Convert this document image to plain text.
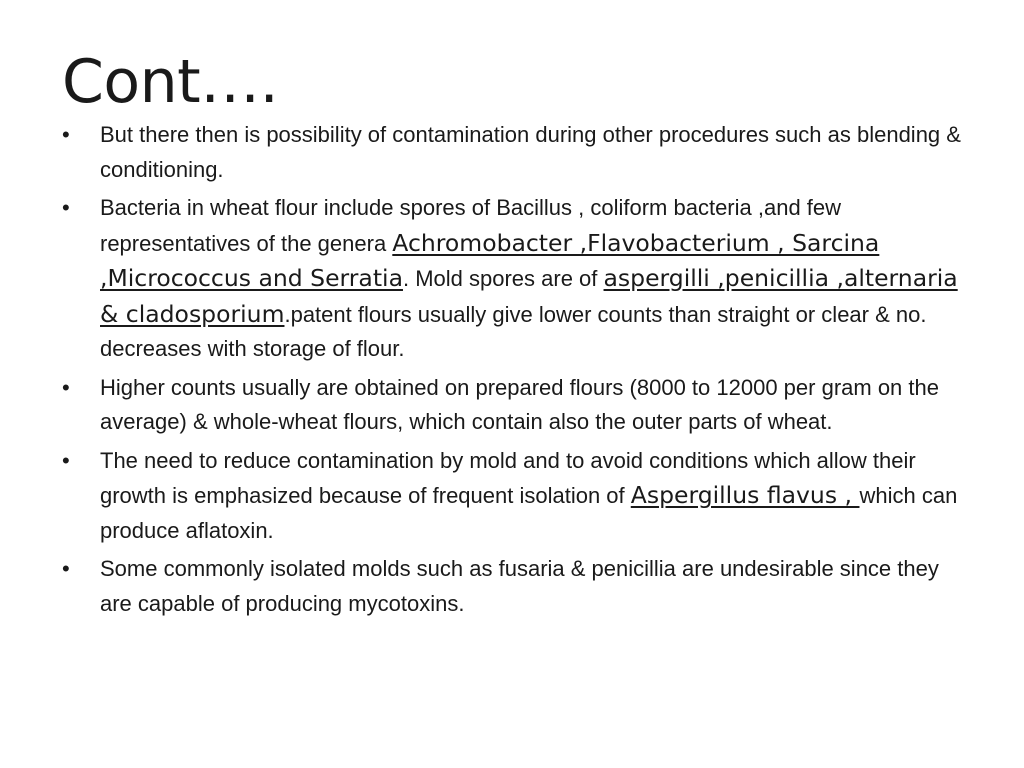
Cont….
• But there then is possibility of contamination during other procedures such as blending & conditioning.
• Bacteria in wheat flour include spores of Bacillus , coliform bacteria ,and few representatives of the genera Achromobacter ,Flavobacterium , Sarcina ,Micrococcus and Serratia. Mold spores are of aspergilli ,penicillia ,alternaria & cladosporium.patent flours usually give lower counts than straight or clear & no. decreases with storage of flour.
• Higher counts usually are obtained on prepared flours (8000 to 12000 per gram on the average) & whole-wheat flours, which contain also the outer parts of wheat.
• The need to reduce contamination by mold and to avoid conditions which allow their growth is emphasized because of frequent isolation of Aspergillus flavus , which can produce aflatoxin.
• Some commonly isolated molds such as fusaria & penicillia are undesirable since they are capable of producing mycotoxins.
